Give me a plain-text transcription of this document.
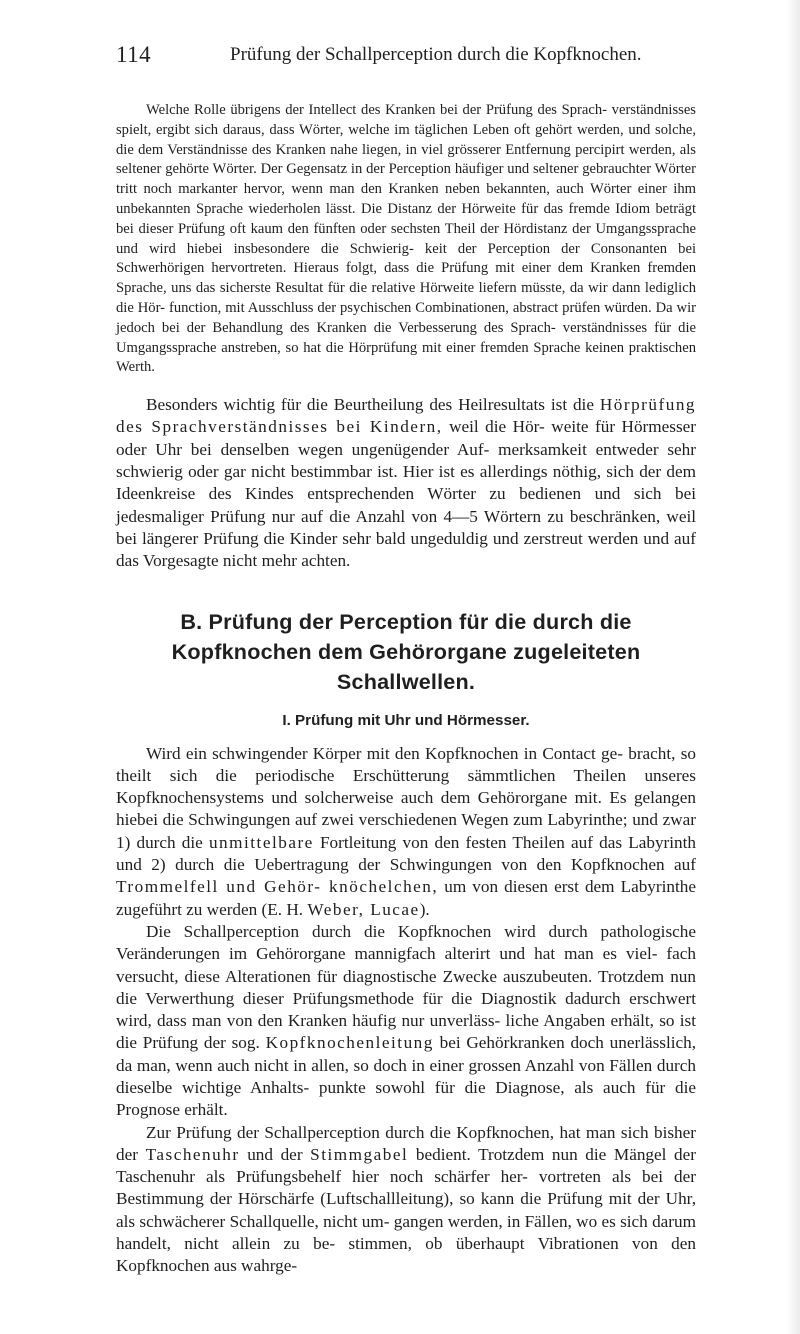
114	Prüfung der Schallperception durch die Kopfknochen.

Welche Rolle übrigens der Intellect des Kranken bei der Prüfung des Sprach- verständnisses spielt, ergibt sich daraus, dass Wörter, welche im täglichen Leben oft gehört werden, und solche, die dem Verständnisse des Kranken nahe liegen, in viel grösserer Entfernung percipirt werden, als seltener gehörte Wörter. Der Gegensatz in der Perception häufiger und seltener gebrauchter Wörter tritt noch markanter hervor, wenn man den Kranken neben bekannten, auch Wörter einer ihm unbekannten Sprache wiederholen lässt. Die Distanz der Hörweite für das fremde Idiom beträgt bei dieser Prüfung oft kaum den fünften oder sechsten Theil der Hördistanz der Umgangssprache und wird hiebei insbesondere die Schwierig- keit der Perception der Consonanten bei Schwerhörigen hervortreten. Hieraus folgt, dass die Prüfung mit einer dem Kranken fremden Sprache, uns das sicherste Resultat für die relative Hörweite liefern müsste, da wir dann lediglich die Hör- function, mit Ausschluss der psychischen Combinationen, abstract prüfen würden. Da wir jedoch bei der Behandlung des Kranken die Verbesserung des Sprach- verständnisses für die Umgangssprache anstreben, so hat die Hörprüfung mit einer fremden Sprache keinen praktischen Werth.

Besonders wichtig für die Beurtheilung des Heilresultats ist die Hörprüfung des Sprachverständnisses bei Kindern, weil die Hör- weite für Hörmesser oder Uhr bei denselben wegen ungenügender Auf- merksamkeit entweder sehr schwierig oder gar nicht bestimmbar ist. Hier ist es allerdings nöthig, sich der dem Ideenkreise des Kindes entsprechenden Wörter zu bedienen und sich bei jedesmaliger Prüfung nur auf die Anzahl von 4—5 Wörtern zu beschränken, weil bei längerer Prüfung die Kinder sehr bald ungeduldig und zerstreut werden und auf das Vorgesagte nicht mehr achten.

B. Prüfung der Perception für die durch die Kopfknochen dem Gehörorgane zugeleiteten Schallwellen.
I. Prüfung mit Uhr und Hörmesser.

Wird ein schwingender Körper mit den Kopfknochen in Contact ge- bracht, so theilt sich die periodische Erschütterung sämmtlichen Theilen unseres Kopfknochensystems und solcherweise auch dem Gehörorgane mit. Es gelangen hiebei die Schwingungen auf zwei verschiedenen Wegen zum Labyrinthe; und zwar 1) durch die unmittelbare Fortleitung von den festen Theilen auf das Labyrinth und 2) durch die Uebertragung der Schwingungen von den Kopfknochen auf Trommelfell und Gehör- knöchelchen, um von diesen erst dem Labyrinthe zugeführt zu werden (E. H. Weber, Lucae).

Die Schallperception durch die Kopfknochen wird durch pathologische Veränderungen im Gehörorgane mannigfach alterirt und hat man es viel- fach versucht, diese Alterationen für diagnostische Zwecke auszubeuten. Trotzdem nun die Verwerthung dieser Prüfungsmethode für die Diagnostik dadurch erschwert wird, dass man von den Kranken häufig nur unverläss- liche Angaben erhält, so ist die Prüfung der sog. Kopfknochenleitung bei Gehörkranken doch unerlässlich, da man, wenn auch nicht in allen, so doch in einer grossen Anzahl von Fällen durch dieselbe wichtige Anhalts- punkte sowohl für die Diagnose, als auch für die Prognose erhält.

Zur Prüfung der Schallperception durch die Kopfknochen, hat man sich bisher der Taschenuhr und der Stimmgabel bedient. Trotzdem nun die Mängel der Taschenuhr als Prüfungsbehelf hier noch schärfer her- vortreten als bei der Bestimmung der Hörschärfe (Luftschallleitung), so kann die Prüfung mit der Uhr, als schwächerer Schallquelle, nicht um- gangen werden, in Fällen, wo es sich darum handelt, nicht allein zu be- stimmen, ob überhaupt Vibrationen von den Kopfknochen aus wahrge-
